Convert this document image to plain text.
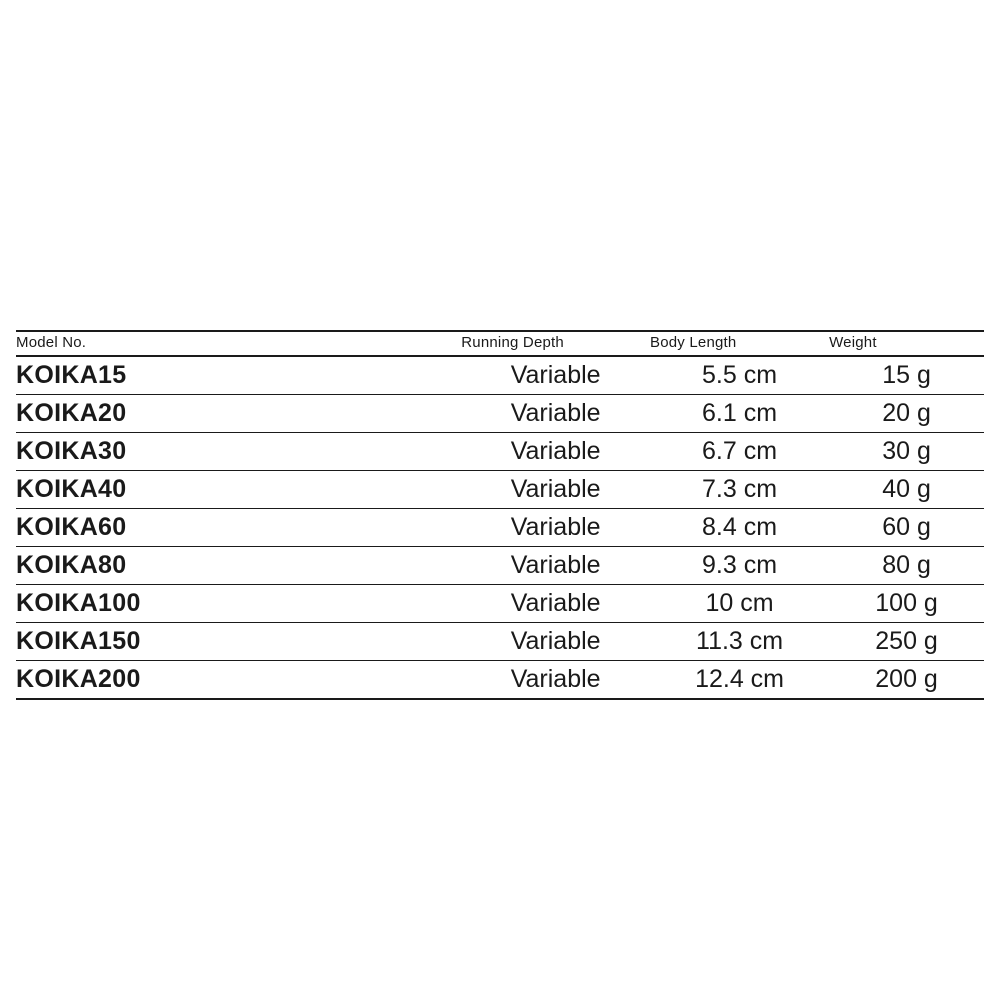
Model No.	Running Depth	Body Length	Weight
KOIKA15	Variable	5.5 cm	15 g
KOIKA20	Variable	6.1 cm	20 g
KOIKA30	Variable	6.7 cm	30 g
KOIKA40	Variable	7.3 cm	40 g
KOIKA60	Variable	8.4 cm	60 g
KOIKA80	Variable	9.3 cm	80 g
KOIKA100	Variable	10 cm	100 g
KOIKA150	Variable	11.3 cm	250 g
KOIKA200	Variable	12.4 cm	200 g
